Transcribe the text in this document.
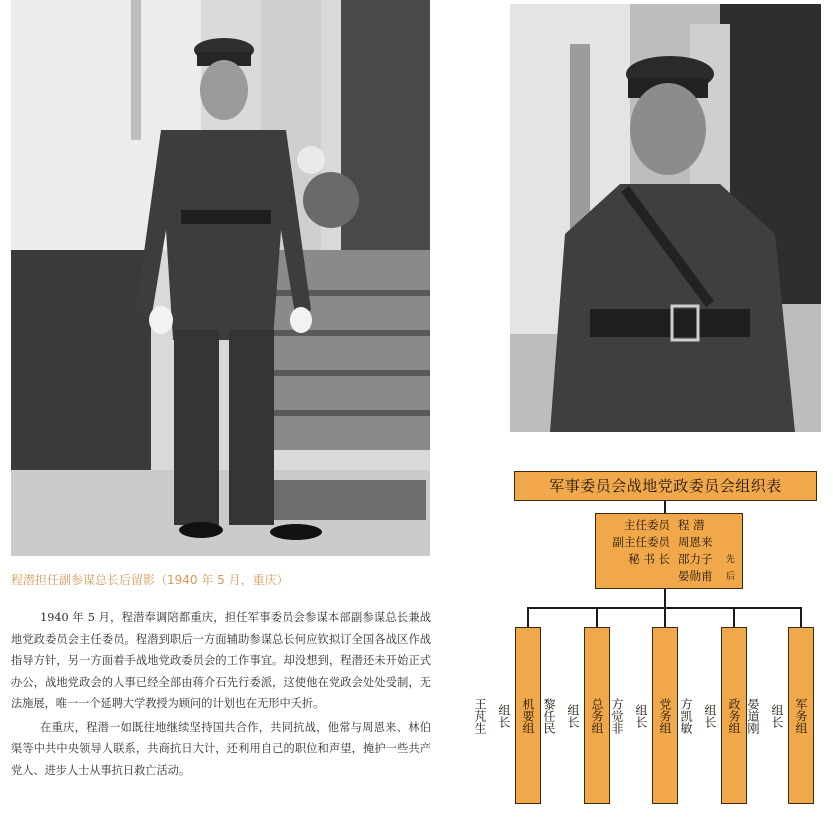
程潜担任副参谋总长后留影（1940 年 5 月，重庆）

1940 年 5 月，程潜奉调陪都重庆，担任军事委员会参谋本部副参谋总长兼战地党政委员会主任委员。程潜到职后一方面辅助参谋总长何应钦拟订全国各战区作战指导方针，另一方面着手战地党政委员会的工作事宜。却没想到，程潜还未开始正式办公，战地党政会的人事已经全部由蒋介石先行委派，这使他在党政会处处受制，无法施展，唯一一个延聘大学教授为顾问的计划也在无形中夭折。

在重庆，程潜一如既往地继续坚持国共合作，共同抗战，他常与周恩来、林伯渠等中共中央领导人联系，共商抗日大计，还利用自己的职位和声望，掩护一些共产党人、进步人士从事抗日救亡活动。

军事委员会战地党政委员会组织表
主任委员 程 潜
副主任委员 周恩来
秘 书 长 邵力子 先
晏勋甫 后
机要组
组长
王芃生	总务组
组长
黎任民	党务组
组长
方觉非	政务组
组长
方凯敏	军务组
组长
晏道刚
